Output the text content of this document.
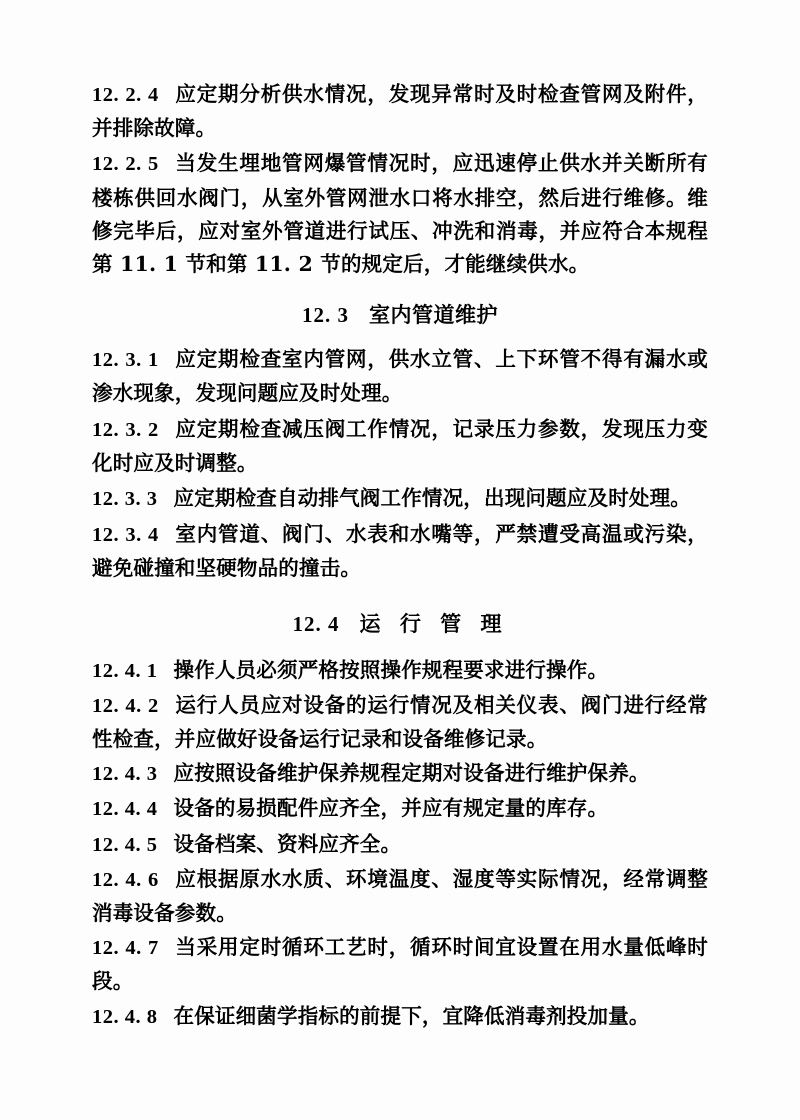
12. 2. 4 应定期分析供水情况，发现异常时及时检查管网及附件，并排除故障。

12. 2. 5 当发生埋地管网爆管情况时，应迅速停止供水并关断所有楼栋供回水阀门，从室外管网泄水口将水排空，然后进行维修。维修完毕后，应对室外管道进行试压、冲洗和消毒，并应符合本规程第 11. 1 节和第 11. 2 节的规定后，才能继续供水。

12. 3 室内管道维护

12. 3. 1 应定期检查室内管网，供水立管、上下环管不得有漏水或渗水现象，发现问题应及时处理。

12. 3. 2 应定期检查减压阀工作情况，记录压力参数，发现压力变化时应及时调整。

12. 3. 3 应定期检查自动排气阀工作情况，出现问题应及时处理。

12. 3. 4 室内管道、阀门、水表和水嘴等，严禁遭受高温或污染，避免碰撞和坚硬物品的撞击。

12. 4 运 行 管 理

12. 4. 1 操作人员必须严格按照操作规程要求进行操作。

12. 4. 2 运行人员应对设备的运行情况及相关仪表、阀门进行经常性检查，并应做好设备运行记录和设备维修记录。

12. 4. 3 应按照设备维护保养规程定期对设备进行维护保养。

12. 4. 4 设备的易损配件应齐全，并应有规定量的库存。

12. 4. 5 设备档案、资料应齐全。

12. 4. 6 应根据原水水质、环境温度、湿度等实际情况，经常调整消毒设备参数。

12. 4. 7 当采用定时循环工艺时，循环时间宜设置在用水量低峰时段。

12. 4. 8 在保证细菌学指标的前提下，宜降低消毒剂投加量。
